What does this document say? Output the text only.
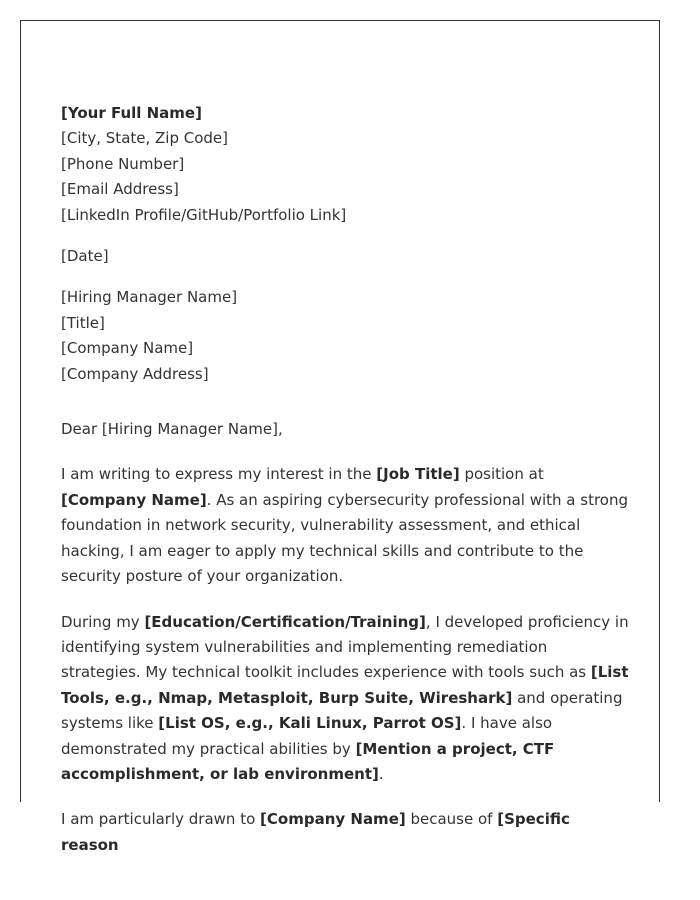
[Your Full Name]
[City, State, Zip Code]
[Phone Number]
[Email Address]
[LinkedIn Profile/GitHub/Portfolio Link]
[Date]
[Hiring Manager Name]
[Title]
[Company Name]
[Company Address]
Dear [Hiring Manager Name],

I am writing to express my interest in the [Job Title] position at [Company Name]. As an aspiring cybersecurity professional with a strong foundation in network security, vulnerability assessment, and ethical hacking, I am eager to apply my technical skills and contribute to the security posture of your organization.

During my [Education/Certification/Training], I developed proficiency in identifying system vulnerabilities and implementing remediation strategies. My technical toolkit includes experience with tools such as [List Tools, e.g., Nmap, Metasploit, Burp Suite, Wireshark] and operating systems like [List OS, e.g., Kali Linux, Parrot OS]. I have also demonstrated my practical abilities by [Mention a project, CTF accomplishment, or lab environment].

I am particularly drawn to [Company Name] because of [Specific reason
